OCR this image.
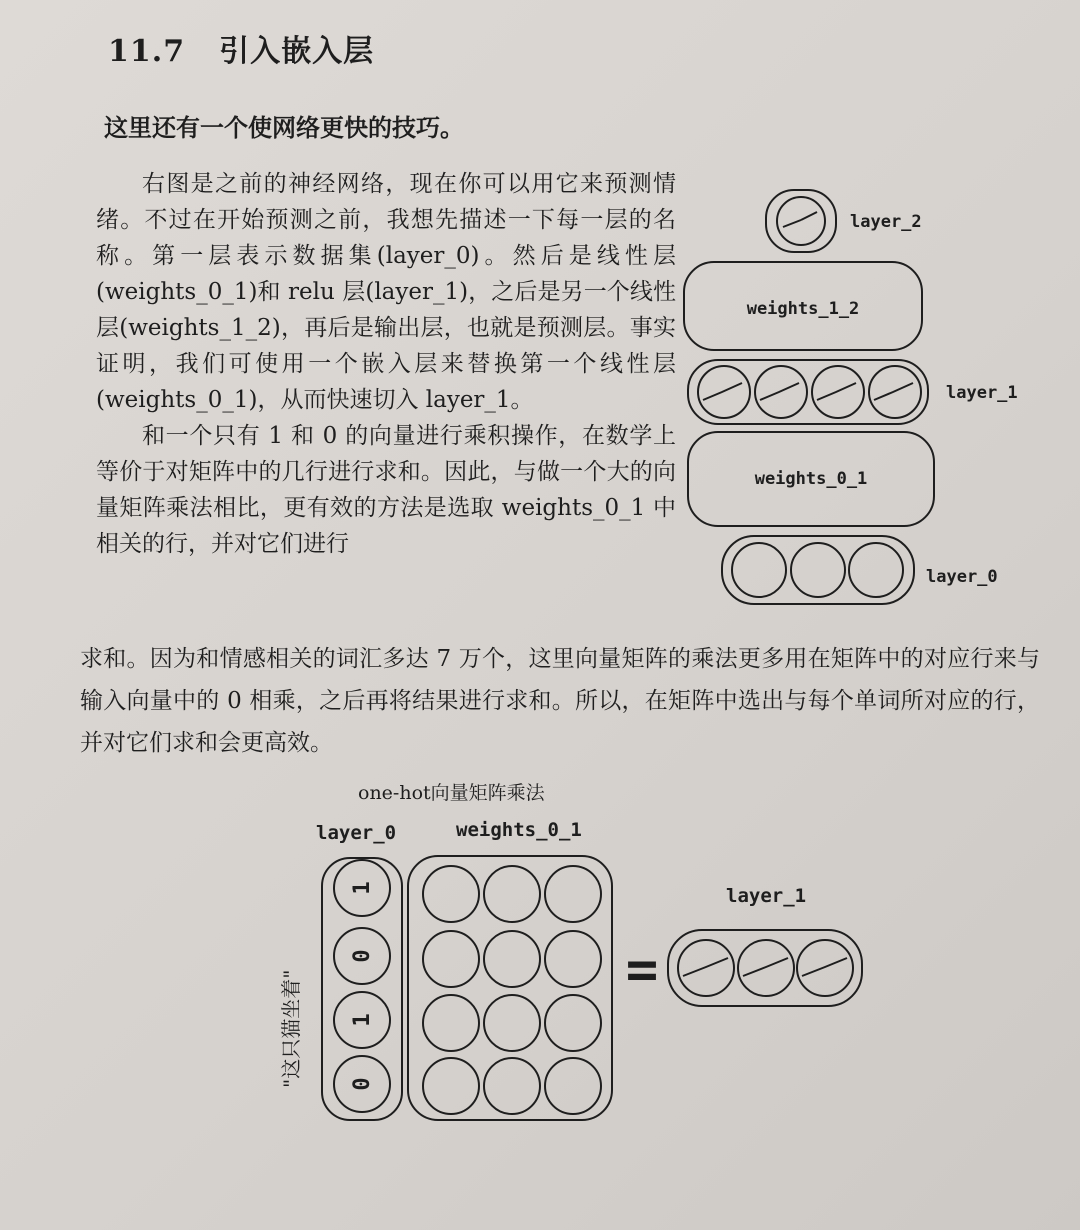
11.7 引入嵌入层
这里还有一个使网络更快的技巧。

右图是之前的神经网络，现在你可以用它来预测情绪。不过在开始预测之前，我想先描述一下每一层的名称。第一层表示数据集(layer_0)。然后是线性层(weights_0_1)和 relu 层(layer_1)，之后是另一个线性层(weights_1_2)，再后是输出层，也就是预测层。事实证明，我们可使用一个嵌入层来替换第一个线性层(weights_0_1)，从而快速切入 layer_1。

和一个只有 1 和 0 的向量进行乘积操作，在数学上等价于对矩阵中的几行进行求和。因此，与做一个大的向量矩阵乘法相比，更有效的方法是选取 weights_0_1 中相关的行，并对它们进行

求和。因为和情感相关的词汇多达 7 万个，这里向量矩阵的乘法更多用在矩阵中的对应行来与输入向量中的 0 相乘，之后再将结果进行求和。所以，在矩阵中选出与每个单词所对应的行，并对它们求和会更高效。

layer_2
weights_1_2
layer_1
weights_0_1
layer_0
one-hot向量矩阵乘法
layer_0	weights_0_1
"这只猫坐着"
1
0
1
0
=
layer_1
